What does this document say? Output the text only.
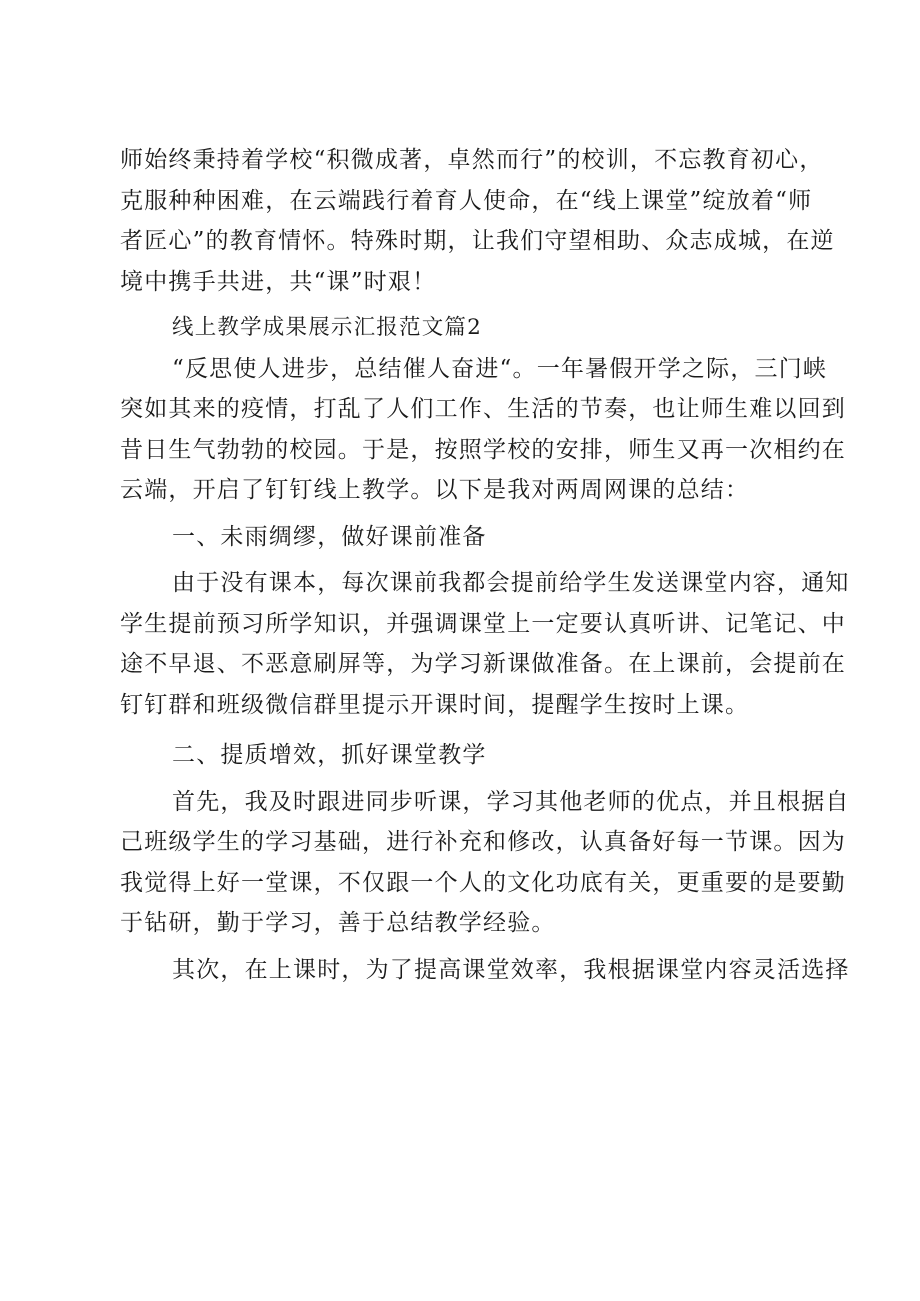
师始终秉持着学校“积微成著，卓然而行”的校训，不忘教育初心，
克服种种困难，在云端践行着育人使命，在“线上课堂”绽放着“师
者匠心”的教育情怀。特殊时期，让我们守望相助、众志成城，在逆
境中携手共进，共“课”时艰！
线上教学成果展示汇报范文篇2
“反思使人进步，总结催人奋进“。一年暑假开学之际，三门峡
突如其来的疫情，打乱了人们工作、生活的节奏，也让师生难以回到
昔日生气勃勃的校园。于是，按照学校的安排，师生又再一次相约在
云端，开启了钉钉线上教学。以下是我对两周网课的总结：
一、未雨绸缪，做好课前准备
由于没有课本，每次课前我都会提前给学生发送课堂内容，通知
学生提前预习所学知识，并强调课堂上一定要认真听讲、记笔记、中
途不早退、不恶意刷屏等，为学习新课做准备。在上课前，会提前在
钉钉群和班级微信群里提示开课时间，提醒学生按时上课。
二、提质增效，抓好课堂教学
首先，我及时跟进同步听课，学习其他老师的优点，并且根据自
己班级学生的学习基础，进行补充和修改，认真备好每一节课。因为
我觉得上好一堂课，不仅跟一个人的文化功底有关，更重要的是要勤
于钻研，勤于学习，善于总结教学经验。
其次，在上课时，为了提高课堂效率，我根据课堂内容灵活选择
